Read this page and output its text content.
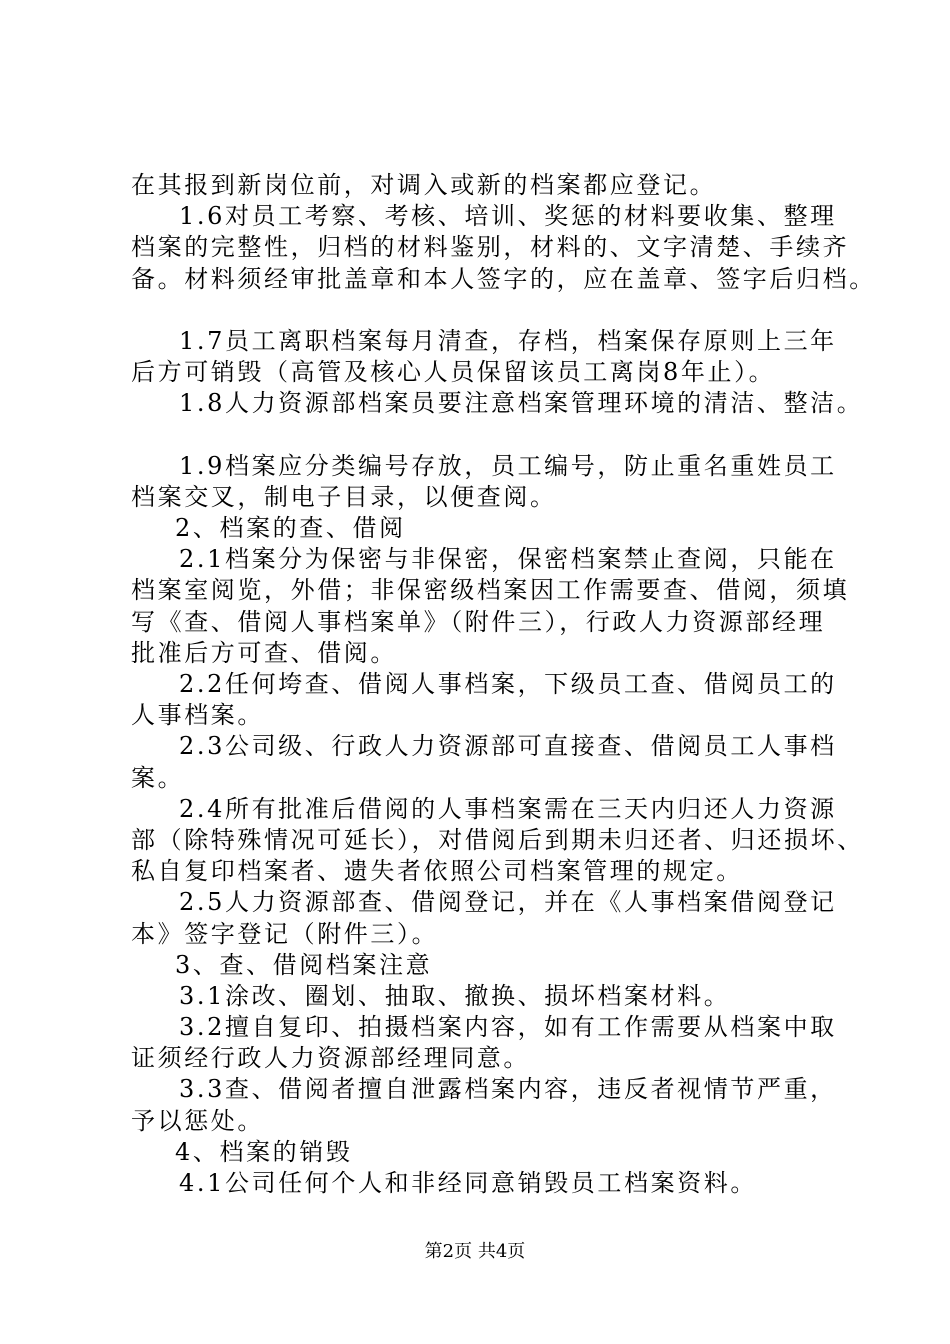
在其报到新岗位前，对调入或新的档案都应登记。
1.6对员工考察、考核、培训、奖惩的材料要收集、整理
档案的完整性，归档的材料鉴别，材料的、文字清楚、手续齐
备。材料须经审批盖章和本人签字的，应在盖章、签字后归档。
1.7员工离职档案每月清查，存档，档案保存原则上三年
后方可销毁（高管及核心人员保留该员工离岗8年止）。
1.8人力资源部档案员要注意档案管理环境的清洁、整洁。
1.9档案应分类编号存放，员工编号，防止重名重姓员工
档案交叉，制电子目录，以便查阅。
2、档案的查、借阅
2.1档案分为保密与非保密，保密档案禁止查阅，只能在
档案室阅览，外借；非保密级档案因工作需要查、借阅，须填
写《查、借阅人事档案单》（附件三），行政人力资源部经理
批准后方可查、借阅。
2.2任何垮查、借阅人事档案，下级员工查、借阅员工的
人事档案。
2.3公司级、行政人力资源部可直接查、借阅员工人事档
案。
2.4所有批准后借阅的人事档案需在三天内归还人力资源
部（除特殊情况可延长），对借阅后到期未归还者、归还损坏、
私自复印档案者、遗失者依照公司档案管理的规定。
2.5人力资源部查、借阅登记，并在《人事档案借阅登记
本》签字登记（附件三）。
3、查、借阅档案注意
3.1涂改、圈划、抽取、撤换、损坏档案材料。
3.2擅自复印、拍摄档案内容，如有工作需要从档案中取
证须经行政人力资源部经理同意。
3.3查、借阅者擅自泄露档案内容，违反者视情节严重，
予以惩处。
4、档案的销毁
4.1公司任何个人和非经同意销毁员工档案资料。
第2页 共4页
